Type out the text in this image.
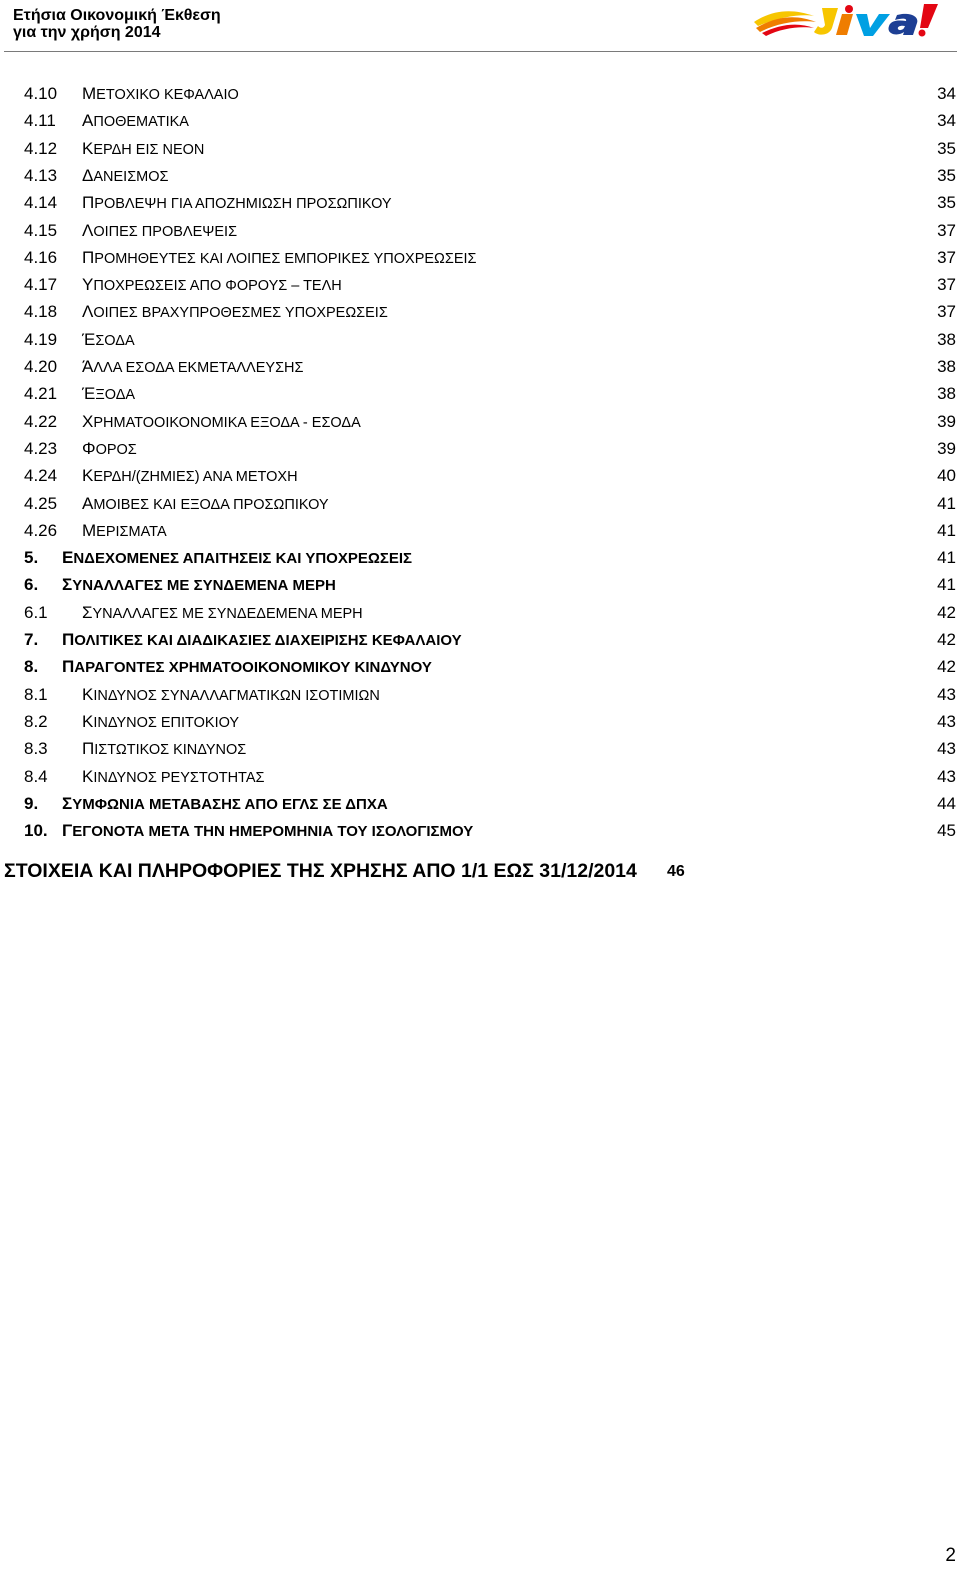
Ετήσια Οικονομική Έκθεση
για την χρήση 2014
4.10 ΜΕΤΟΧΙΚΟ ΚΕΦΑΛΑΙΟ	34
4.11 ΑΠΟΘΕΜΑΤΙΚΑ	34
4.12 ΚΕΡΔΗ ΕΙΣ ΝΕΟΝ	35
4.13 ΔΑΝΕΙΣΜΟΣ	35
4.14 ΠΡΟΒΛΕΨΗ ΓΙΑ ΑΠΟΖΗΜΙΩΣΗ ΠΡΟΣΩΠΙΚΟΥ	35
4.15 ΛΟΙΠΕΣ ΠΡΟΒΛΕΨΕΙΣ	37
4.16 ΠΡΟΜΗΘΕΥΤΕΣ ΚΑΙ ΛΟΙΠΕΣ ΕΜΠΟΡΙΚΕΣ ΥΠΟΧΡΕΩΣΕΙΣ	37
4.17 ΥΠΟΧΡΕΩΣΕΙΣ ΑΠΟ ΦΟΡΟΥΣ – ΤΕΛΗ	37
4.18 ΛΟΙΠΕΣ ΒΡΑΧΥΠΡΟΘΕΣΜΕΣ ΥΠΟΧΡΕΩΣΕΙΣ	37
4.19 ΈΣΟΔΑ	38
4.20 ΆΛΛΑ ΕΣΟΔΑ ΕΚΜΕΤΑΛΛΕΥΣΗΣ	38
4.21 ΈΞΟΔΑ	38
4.22 ΧΡΗΜΑΤΟΟΙΚΟΝΟΜΙΚΑ ΕΞΟΔΑ - ΕΣΟΔΑ	39
4.23 ΦΟΡΟΣ	39
4.24 ΚΕΡΔΗ/(ΖΗΜΙΕΣ) ΑΝΑ ΜΕΤΟΧΗ	40
4.25 ΑΜΟΙΒΕΣ ΚΑΙ ΕΞΟΔΑ ΠΡΟΣΩΠΙΚΟΥ	41
4.26 ΜΕΡΙΣΜΑΤΑ	41
5. ΕΝΔΕΧΟΜΕΝΕΣ ΑΠΑΙΤΗΣΕΙΣ ΚΑΙ ΥΠΟΧΡΕΩΣΕΙΣ	41
6. ΣΥΝΑΛΛΑΓΕΣ ΜΕ ΣΥΝΔΕΜΕΝΑ ΜΕΡΗ	41
6.1 ΣΥΝΑΛΛΑΓΕΣ ΜΕ ΣΥΝΔΕΔΕΜΕΝΑ ΜΕΡΗ	42
7. ΠΟΛΙΤΙΚΕΣ ΚΑΙ ΔΙΑΔΙΚΑΣΙΕΣ ΔΙΑΧΕΙΡΙΣΗΣ ΚΕΦΑΛΑΙΟΥ	42
8. ΠΑΡΑΓΟΝΤΕΣ ΧΡΗΜΑΤΟΟΙΚΟΝΟΜΙΚΟΥ ΚΙΝΔΥΝΟΥ	42
8.1 ΚΙΝΔΥΝΟΣ ΣΥΝΑΛΛΑΓΜΑΤΙΚΩΝ ΙΣΟΤΙΜΙΩΝ	43
8.2 ΚΙΝΔΥΝΟΣ ΕΠΙΤΟΚΙΟΥ	43
8.3 ΠΙΣΤΩΤΙΚΟΣ ΚΙΝΔΥΝΟΣ	43
8.4 ΚΙΝΔΥΝΟΣ ΡΕΥΣΤΟΤΗΤΑΣ	43
9. ΣΥΜΦΩΝΙΑ ΜΕΤΑΒΑΣΗΣ ΑΠΟ ΕΓΛΣ ΣΕ ΔΠΧΑ	44
10. ΓΕΓΟΝΟΤΑ ΜΕΤΑ ΤΗΝ ΗΜΕΡΟΜΗΝΙΑ ΤΟΥ ΙΣΟΛΟΓΙΣΜΟΥ	45
ΣΤΟΙΧΕΙΑ ΚΑΙ ΠΛΗΡΟΦΟΡΙΕΣ ΤΗΣ ΧΡΗΣΗΣ ΑΠΟ 1/1 ΕΩΣ 31/12/2014 46
2
